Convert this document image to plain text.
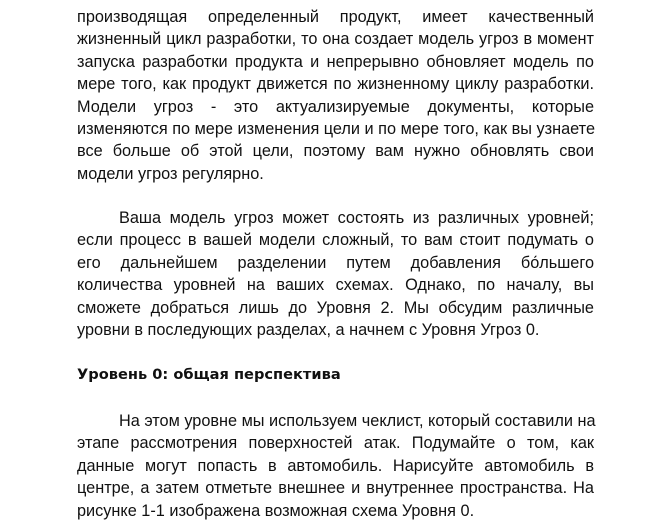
производящая определенный продукт, имеет качественный
жизненный цикл разработки, то она создает модель угроз в момент
запуска разработки продукта и непрерывно обновляет модель по
мере того, как продукт движется по жизненному циклу разработки.
Модели угроз - это актуализируемые документы, которые
изменяются по мере изменения цели и по мере того, как вы узнаете
все больше об этой цели, поэтому вам нужно обновлять свои
модели угроз регулярно.
Ваша модель угроз может состоять из различных уровней;
если процесс в вашей модели сложный, то вам стоит подумать о
его дальнейшем разделении путем добавления бо́льшего
количества уровней на ваших схемах. Однако, по началу, вы
сможете добраться лишь до Уровня 2. Мы обсудим различные
уровни в последующих разделах, а начнем с Уровня Угроз 0.
Уровень 0: общая перспектива
На этом уровне мы используем чеклист, который составили на
этапе рассмотрения поверхностей атак. Подумайте о том, как
данные могут попасть в автомобиль. Нарисуйте автомобиль в
центре, а затем отметьте внешнее и внутреннее пространства. На
рисунке 1-1 изображена возможная схема Уровня 0.
